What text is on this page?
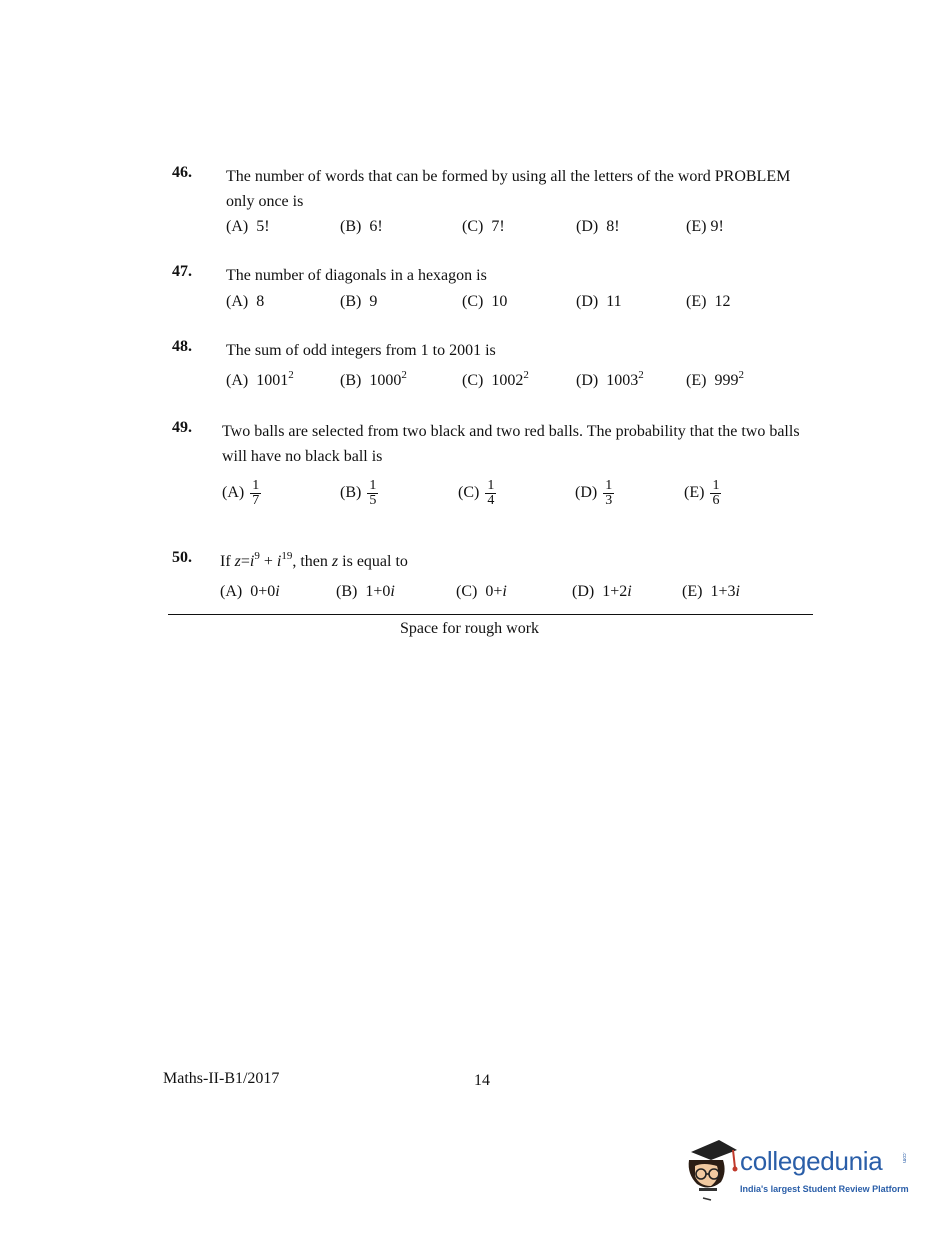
46. The number of words that can be formed by using all the letters of the word PROBLEM only once is
(A) 5!	(B) 6!	(C) 7!	(D) 8!	(E) 9!
47. The number of diagonals in a hexagon is
(A) 8	(B) 9	(C) 10	(D) 11	(E) 12
48. The sum of odd integers from 1 to 2001 is
(A) 1001$^2$	(B) 1000$^2$	(C) 1002$^2$	(D) 1003$^2$	(E) $999^2$
49. Two balls are selected from two black and two red balls. The probability that the two balls will have no black ball is
$(A) \frac{1}{7}$	$(B) \frac{1}{5}$	$(C) \frac{1}{4}$	$(D) \frac{1}{3}$	$(E) \frac{1}{6}$
50. If $z=i^9 + i^{19}$, then z is equal to
(A) 0+0i	(B) 1+0i	(C) 0+i	(D) 1+2i	(E) 1+3i
Space for rough work
Maths-II-B1/2017	14
collegedunia	.com
India's largest Student Review Platform
